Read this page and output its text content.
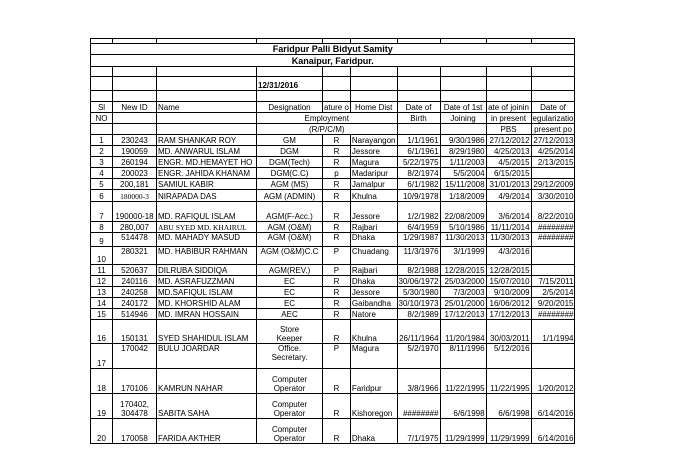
Faridpur Palli Bidyut Samity									
Kanaipur, Faridpur.									

			12/31/2016						

Sl	New ID	Name	Designation	ature o	Home Dist	Date of	Date of 1st	ate of joinin	Date of
NO			Employment			Birth	Joining	in present	egularizatio
			(R/P/C/M)					PBS	present po
1	230243	RAM SHANKAR ROY	GM	R	Narayangon	1/1/1961	9/30/1986	27/12/2012	27/12/2013
2	190059	MD. ANWARUL ISLAM	DGM	R	Jessore	6/1/1961	8/29/1980	4/25/2013	4/25/2014
3	260194	ENGR. MD.HEMAYET HO	DGM(Tech)	R	Magura	5/22/1975	1/11/2003	4/5/2015	2/13/2015
4	200023	ENGR. JAHIDA KHANAM	DGM(C.C)	p	Madaripur	8/2/1974	5/5/2004	6/15/2015	
5	200,181	SAMIUL KABIR	AGM (MS)	R	Jamalpur	6/1/1982	15/11/2008	31/01/2013	29/12/2009
6	180000-3	NIRAPADA DAS	AGM (ADMIN)	R	Khulna	10/9/1978	1/18/2009	4/9/2014	3/30/2010
7	190000-18	MD. RAFIQUL ISLAM	AGM(F-Acc.)	R	Jessore	1/2/1982	22/08/2009	3/6/2014	8/22/2010
8	280,007	ABU SYED MD. KHAIRUL	AGM (O&M)	R	Rajbari	6/4/1959	5/10/1986	11/11/2014	########
9	514478	MD. MAHADY MASUD	AGM (O&M)	R	Dhaka	1/29/1987	11/30/2013	11/30/2013	########
10	280321	MD. HABIBUR RAHMAN	AGM (O&M)C.C	P	Chuadang	11/3/1976	3/1/1999	4/3/2016	
11	520637	DILRUBA SIDDIQA	AGM(REV.)	P	Rajbari	8/2/1988	12/28/2015	12/28/2015	
12	240116	MD. ASRAFUZZMAN	EC	R	Dhaka	30/06/1972	25/03/2000	15/07/2010	7/15/2011
13	240258	MD.SAFIQUL ISLAM	EC	R	Jessore	5/30/1980	7/3/2003	9/10/2009	2/5/2014
14	240172	MD. KHORSHID ALAM	EC	R	Gaibandha	30/10/1973	25/01/2000	16/06/2012	9/20/2015
15	514946	MD. IMRAN HOSSAIN	AEC	R	Natore	8/2/1989	17/12/2013	17/12/2013	########
16	150131	SYED SHAHIDUL ISLAM	Store
Keeper	R	Khulna	26/11/1964	11/20/1984	30/03/2011	1/1/1994
17	170042	BULU JOARDAR	Office.
Secretary.	P	Magura	5/2/1970	8/11/1996	5/12/2016	
18	170106	KAMRUN NAHAR	Computer
Operator	R	Faridpur	3/8/1966	11/22/1995	11/22/1995	1/20/2012
19	170402,
304478	SABITA SAHA	Computer
Operator	R	Kishoregon	########	6/6/1998	6/6/1998	6/14/2016
20	170058	FARIDA AKTHER	Computer
Operator	R	Dhaka	7/1/1975	11/29/1999	11/29/1999	6/14/2016
